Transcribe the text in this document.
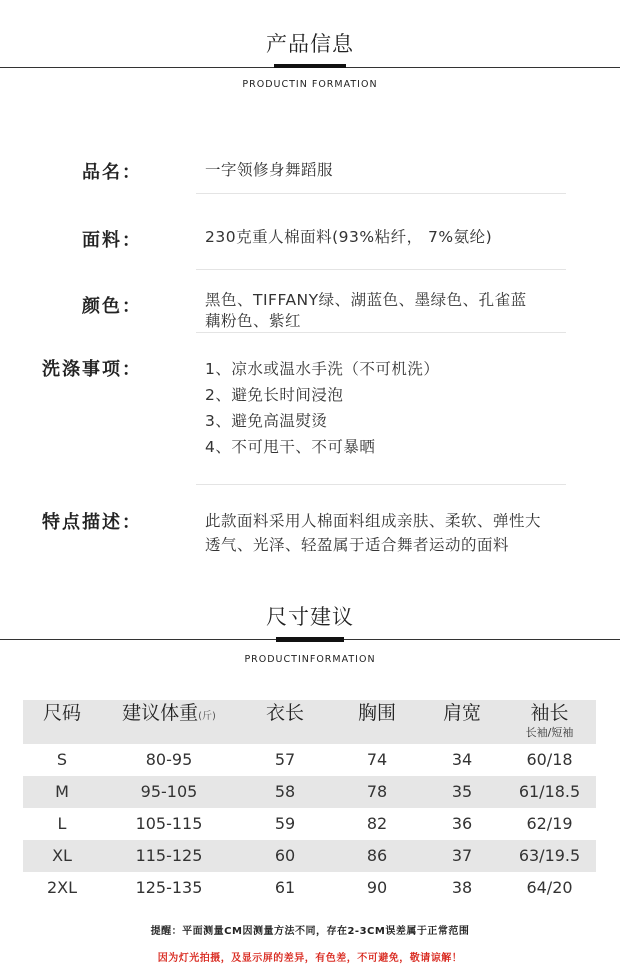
产品信息
PRODUCTIN FORMATION
品名：	一字领修身舞蹈服
面料：	230克重人棉面料(93%粘纤， 7%氨纶)
颜色：	黑色、TIFFANY绿、湖蓝色、墨绿色、孔雀蓝
藕粉色、紫红
洗涤事项：	1、凉水或温水手洗（不可机洗）
2、避免长时间浸泡
3、避免高温熨烫
4、不可甩干、不可暴晒
特点描述：	此款面料采用人棉面料组成亲肤、柔软、弹性大
透气、光泽、轻盈属于适合舞者运动的面料
尺寸建议
PRODUCTINFORMATION
尺码	建议体重(斤)	衣长	胸围	肩宽	袖长
长袖/短袖
S	80-95	57	74	34	60/18
M	95-105	58	78	35	61/18.5
L	105-115	59	82	36	62/19
XL	115-125	60	86	37	63/19.5
2XL	125-135	61	90	38	64/20
提醒：平面测量CM因测量方法不同，存在2-3CM误差属于正常范围
因为灯光拍摄，及显示屏的差异，有色差，不可避免，敬请谅解！
